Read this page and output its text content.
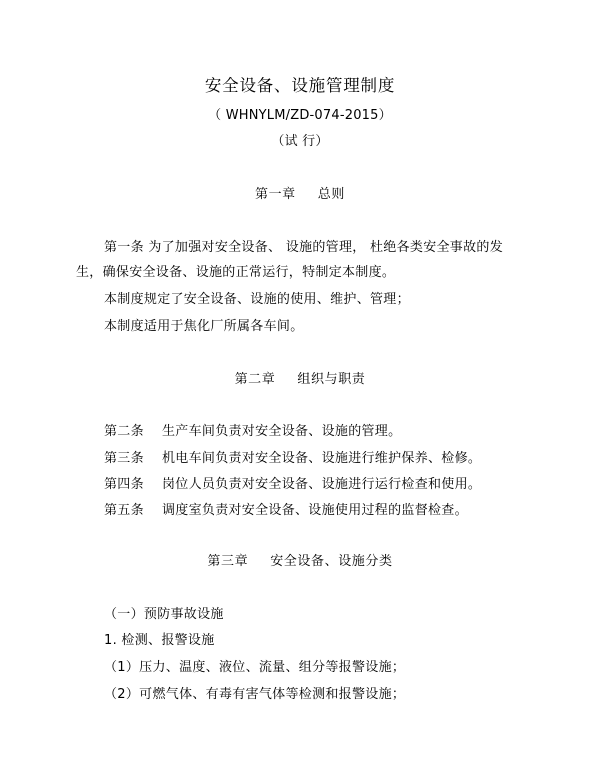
安全设备、设施管理制度
（ WHNYLM/ZD-074-2015）
（试 行）
第一章 总则
第一条 为了加强对安全设备、 设施的管理， 杜绝各类安全事故的发
生，确保安全设备、设施的正常运行，特制定本制度。
本制度规定了安全设备、设施的使用、维护、管理；
本制度适用于焦化厂所属各车间。
第二章 组织与职责
第二条 生产车间负责对安全设备、设施的管理。
第三条 机电车间负责对安全设备、设施进行维护保养、检修。
第四条 岗位人员负责对安全设备、设施进行运行检查和使用。
第五条 调度室负责对安全设备、设施使用过程的监督检查。
第三章 安全设备、设施分类
（一）预防事故设施
1. 检测、报警设施
（1）压力、温度、液位、流量、组分等报警设施；
（2）可燃气体、有毒有害气体等检测和报警设施；
